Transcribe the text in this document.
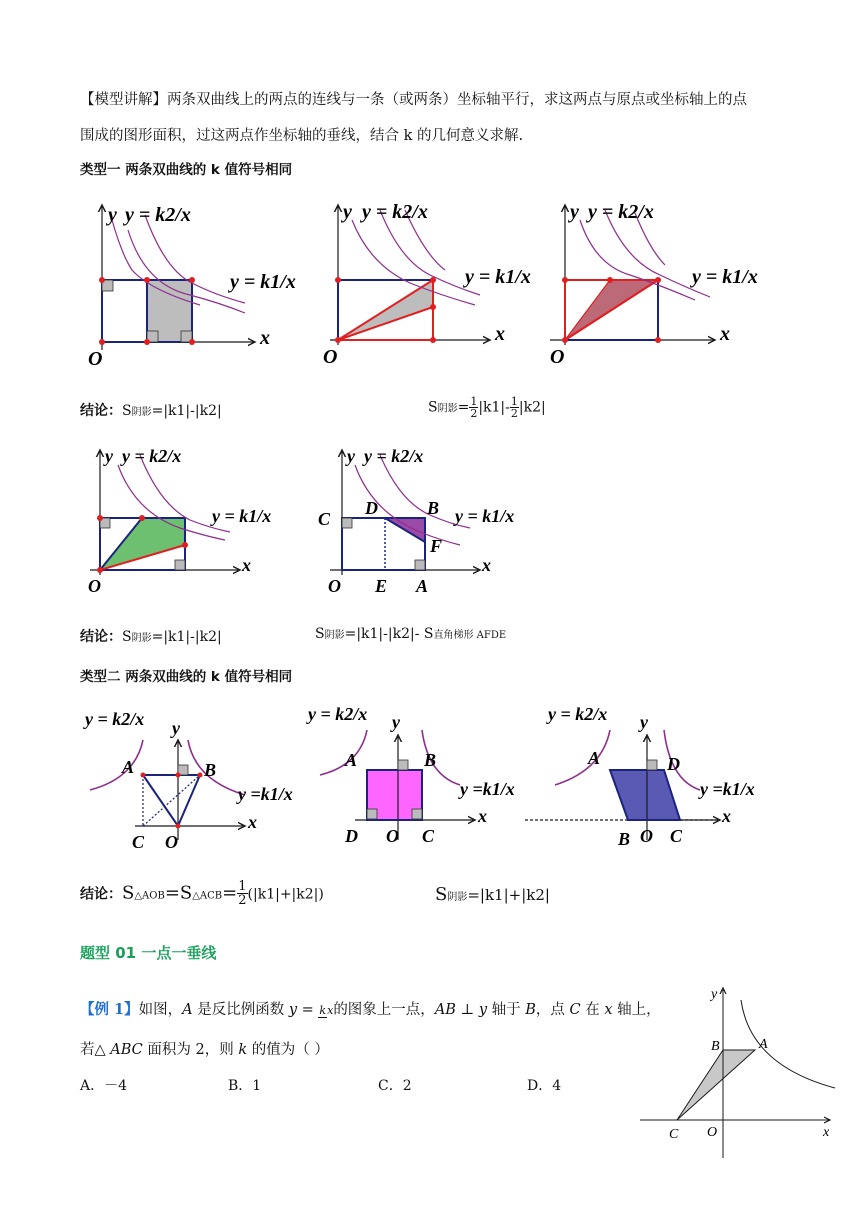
【模型讲解】两条双曲线上的两点的连线与一条（或两条）坐标轴平行，求这两点与原点或坐标轴上的点
围成的图形面积，过这两点作坐标轴的垂线，结合 k 的几何意义求解.
类型一 两条双曲线的 k 值符号相同
y y = k2/x
y = k1/x
x
O
y y = k2/x
y = k1/x
x
O
y y = k2/x
y = k1/x
x
O
结论：S阴影=|k1|-|k2|	S阴影= $\frac{1}{2} |k1|- \frac{1}{2} |k2|$
y y = k2/x
y = k1/x
x
O
y y = k2/x
y = k1/x
x
C
D	B
F
O E A
结论：S阴影=|k1|-|k2|	S阴影=|k1|-|k2|- S直角梯形 AFDE
类型二 两条双曲线的 k 值符号相同
y = k2/x y
y =k1/x
x
A	B
C O
y = k2/x y
y =k1/x
x
A	B
D O C
y = k2/x y
y =k1/x
x
A	D
B O C
结论：S△AOB=S△ACB= $\frac{1}{2} (|k1|+|k2|)$	S阴影=|k1|+|k2|
题型 01 一点一垂线
【例 1】如图，A 是反比例函数 y = kx的图象上一点，AB ⊥ y 轴于 B，点 C 在 x 轴上，
若△ ABC 面积为 2，则 k 的值为（ ）
A．－4	B．1	C．2	D．4
y
B	A
C O	x
